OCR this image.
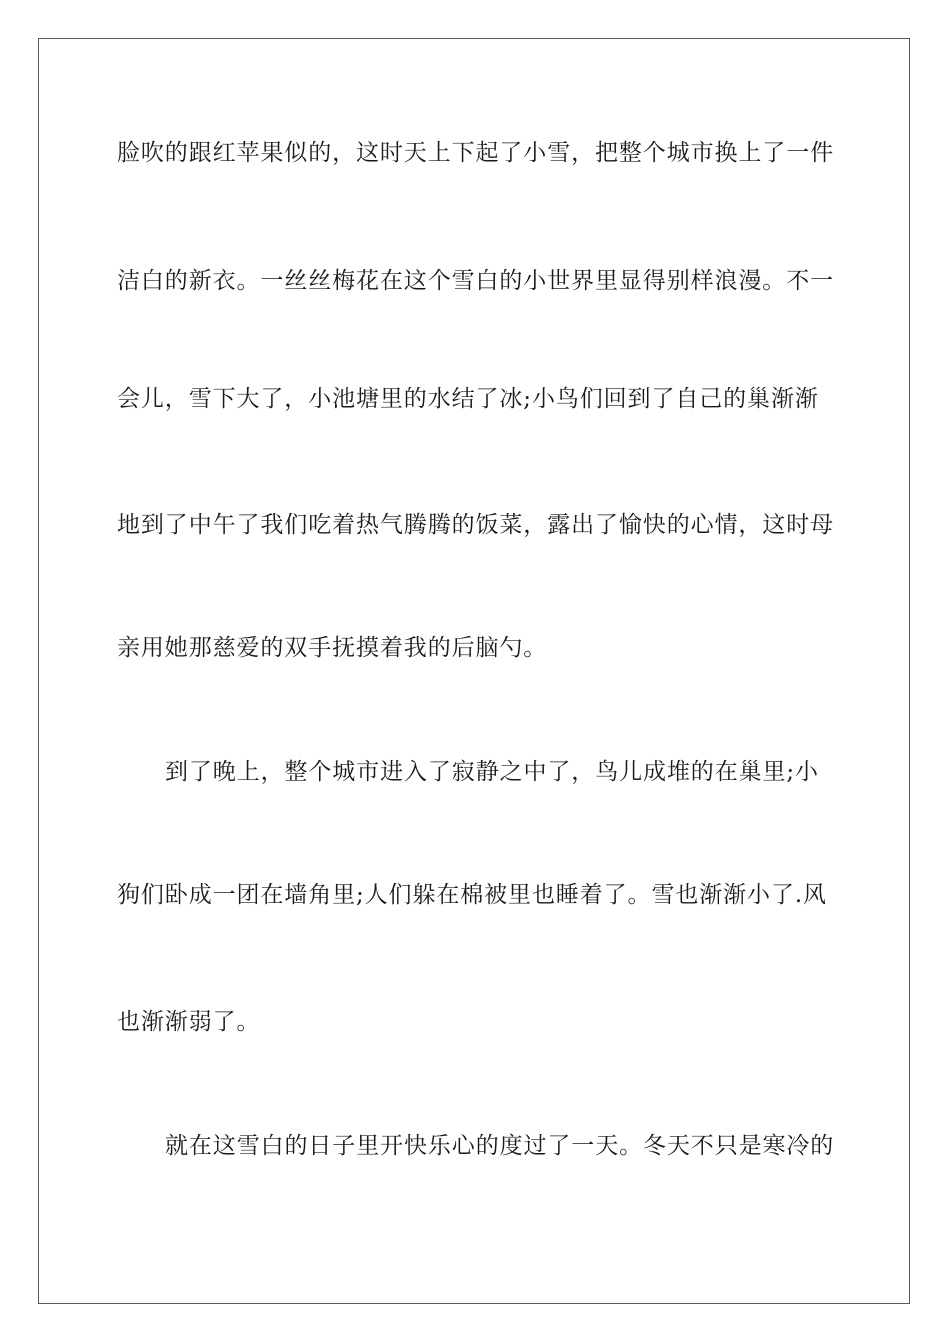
脸吹的跟红苹果似的，这时天上下起了小雪，把整个城市换上了一件
洁白的新衣。一丝丝梅花在这个雪白的小世界里显得别样浪漫。不一
会儿，雪下大了，小池塘里的水结了冰;小鸟们回到了自己的巢渐渐
地到了中午了我们吃着热气腾腾的饭菜，露出了愉快的心情，这时母
亲用她那慈爱的双手抚摸着我的后脑勺。
到了晚上，整个城市进入了寂静之中了，鸟儿成堆的在巢里;小
狗们卧成一团在墙角里;人们躲在棉被里也睡着了。雪也渐渐小了.风
也渐渐弱了。
就在这雪白的日子里开快乐心的度过了一天。冬天不只是寒冷的
